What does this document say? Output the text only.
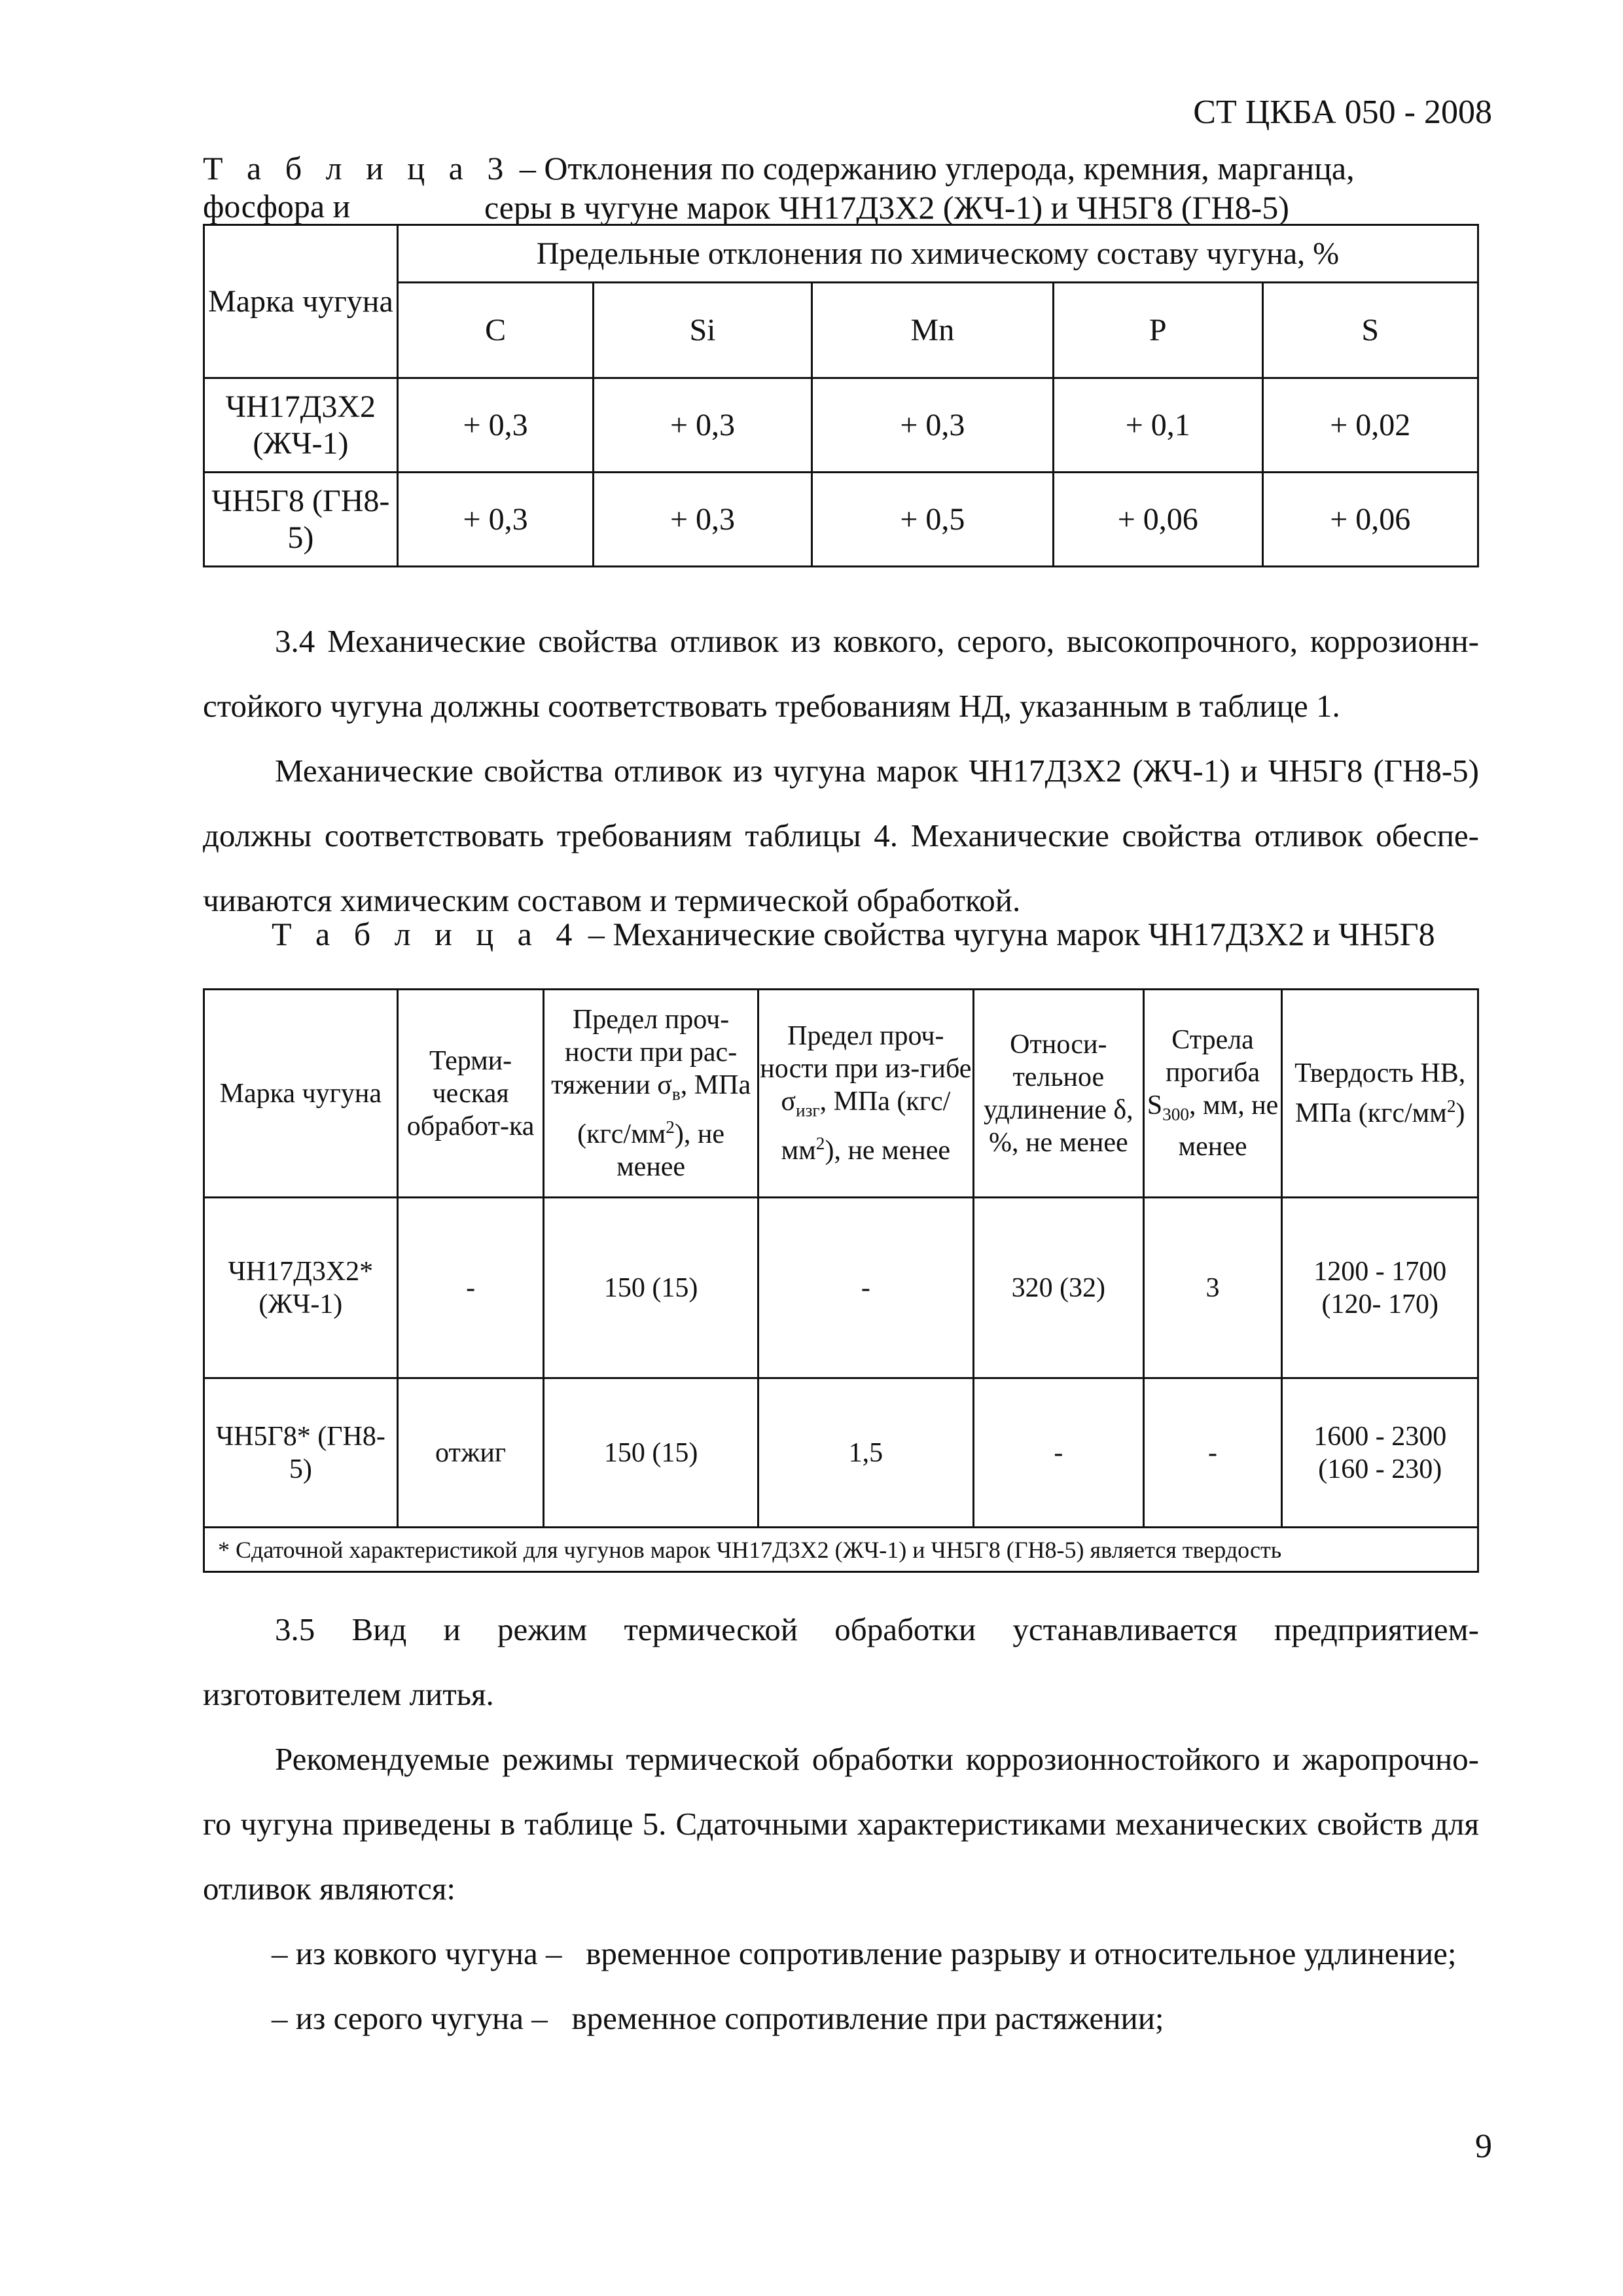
СТ ЦКБА 050 - 2008
Т а б л и ц а 3 – Отклонения по содержанию углерода, кремния, марганца, фосфора и	серы в чугуне марок ЧН17Д3Х2 (ЖЧ-1) и ЧН5Г8 (ГН8-5)
Марка чугуна	Предельные отклонения по химическому составу чугуна, %				
	C	Si	Mn	P	S
ЧН17Д3Х2 (ЖЧ-1)	+ 0,3	+ 0,3	+ 0,3	+ 0,1	+ 0,02
ЧН5Г8 (ГН8-5)	+ 0,3	+ 0,3	+ 0,5	+ 0,06	+ 0,06
3.4 Механические свойства отливок из ковкого, серого, высокопрочного, коррозионн-
стойкого чугуна должны соответствовать требованиям НД, указанным в таблице 1.
Механические свойства отливок из чугуна марок ЧН17Д3Х2 (ЖЧ-1) и ЧН5Г8 (ГН8-5)
должны соответствовать требованиям таблицы 4. Механические свойства отливок обеспе-
чиваются химическим составом и термической обработкой.
Т а б л и ц а 4 – Механические свойства чугуна марок ЧН17Д3Х2 и ЧН5Г8
Марка чугуна	Терми-ческая обработ-ка	Предел проч-ности при рас-тяжении $\sigma_в$, МПа $(кгс/мм^2)$, не менее	Предел проч-ности при из-гибе $\sigma_{изг}$, МПа $(кгс/мм^2)$, не менее	Относи-тельное удлинение δ, %, не менее	Стрела прогиба $S_{300}$, мм, не менее	Твердость НВ, МПа $(кгс/мм^2)$
ЧН17Д3Х2* (ЖЧ-1)	-	150 (15)	-	320 (32)	3	1200 - 1700
(120- 170)

ЧН5Г8* (ГН8-5)	отжиг	150 (15)	1,5	-	-	1600 - 2300
(160 - 230)

* Сдаточной характеристикой для чугунов марок ЧН17Д3Х2 (ЖЧ-1) и ЧН5Г8 (ГН8-5) является твердость						
3.5 Вид и режим термической обработки устанавливается предприятием-
изготовителем литья.
Рекомендуемые режимы термической обработки коррозионностойкого и жаропрочно-
го чугуна приведены в таблице 5. Сдаточными характеристиками механических свойств для
отливок являются:
– из ковкого чугуна –   временное сопротивление разрыву и относительное удлинение;
– из серого чугуна –   временное сопротивление при растяжении;
9
